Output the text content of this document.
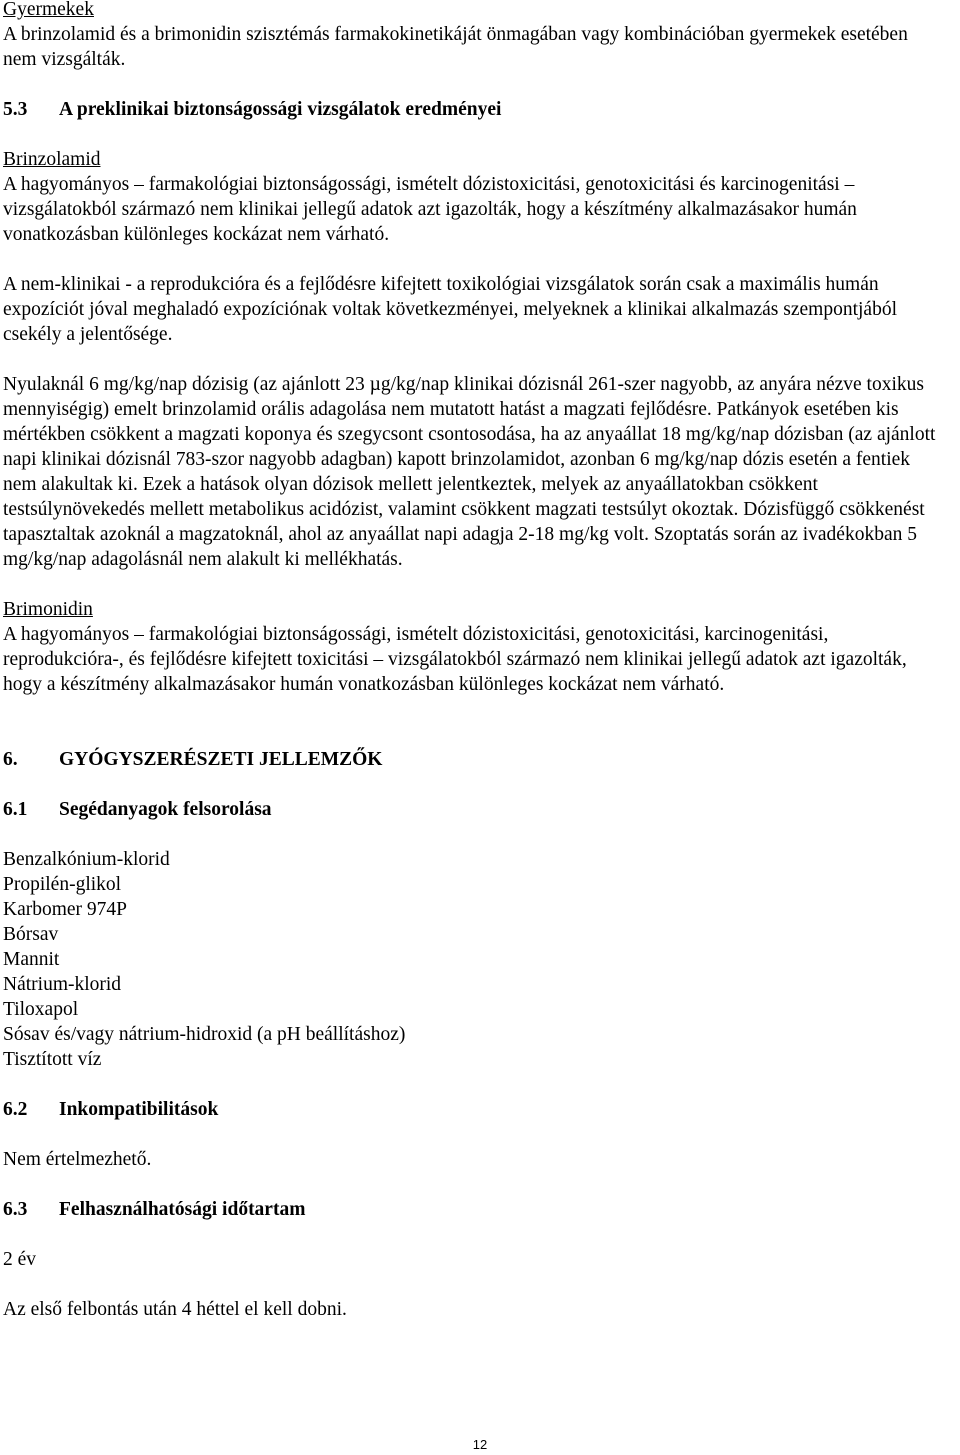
Gyermekek

A brinzolamid és a brimonidin szisztémás farmakokinetikáját önmagában vagy kombinációban gyermekek esetében nem vizsgálták.

5.3	A preklinikai biztonságossági vizsgálatok eredményei

Brinzolamid

A hagyományos – farmakológiai biztonságossági, ismételt dózistoxicitási, genotoxicitási és karcinogenitási – vizsgálatokból származó nem klinikai jellegű adatok azt igazolták, hogy a készítmény alkalmazásakor humán vonatkozásban különleges kockázat nem várható.

A nem-klinikai - a reprodukcióra és a fejlődésre kifejtett toxikológiai vizsgálatok során csak a maximális humán expozíciót jóval meghaladó expozíciónak voltak következményei, melyeknek a klinikai alkalmazás szempontjából csekély a jelentősége.

Nyulaknál 6 mg/kg/nap dózisig (az ajánlott 23 µg/kg/nap klinikai dózisnál 261-szer nagyobb, az anyára nézve toxikus mennyiségig) emelt brinzolamid orális adagolása nem mutatott hatást a magzati fejlődésre. Patkányok esetében kis mértékben csökkent a magzati koponya és szegycsont csontosodása, ha az anyaállat 18 mg/kg/nap dózisban (az ajánlott napi klinikai dózisnál 783-szor nagyobb adagban) kapott brinzolamidot, azonban 6 mg/kg/nap dózis esetén a fentiek nem alakultak ki. Ezek a hatások olyan dózisok mellett jelentkeztek, melyek az anyaállatokban csökkent testsúlynövekedés mellett metabolikus acidózist, valamint csökkent magzati testsúlyt okoztak. Dózisfüggő csökkenést tapasztaltak azoknál a magzatoknál, ahol az anyaállat napi adagja 2-18 mg/kg volt. Szoptatás során az ivadékokban 5 mg/kg/nap adagolásnál nem alakult ki mellékhatás.

Brimonidin

A hagyományos – farmakológiai biztonságossági, ismételt dózistoxicitási, genotoxicitási, karcinogenitási, reprodukcióra-, és fejlődésre kifejtett toxicitási – vizsgálatokból származó nem klinikai jellegű adatok azt igazolták, hogy a készítmény alkalmazásakor humán vonatkozásban különleges kockázat nem várható.

6.	GYÓGYSZERÉSZETI JELLEMZŐK

6.1	Segédanyagok felsorolása

Benzalkónium-klorid
Propilén-glikol
Karbomer 974P
Bórsav
Mannit
Nátrium-klorid
Tiloxapol
Sósav és/vagy nátrium-hidroxid (a pH beállításhoz)
Tisztított víz

6.2	Inkompatibilitások

Nem értelmezhető.

6.3	Felhasználhatósági időtartam

2 év

Az első felbontás után 4 héttel el kell dobni.

12
